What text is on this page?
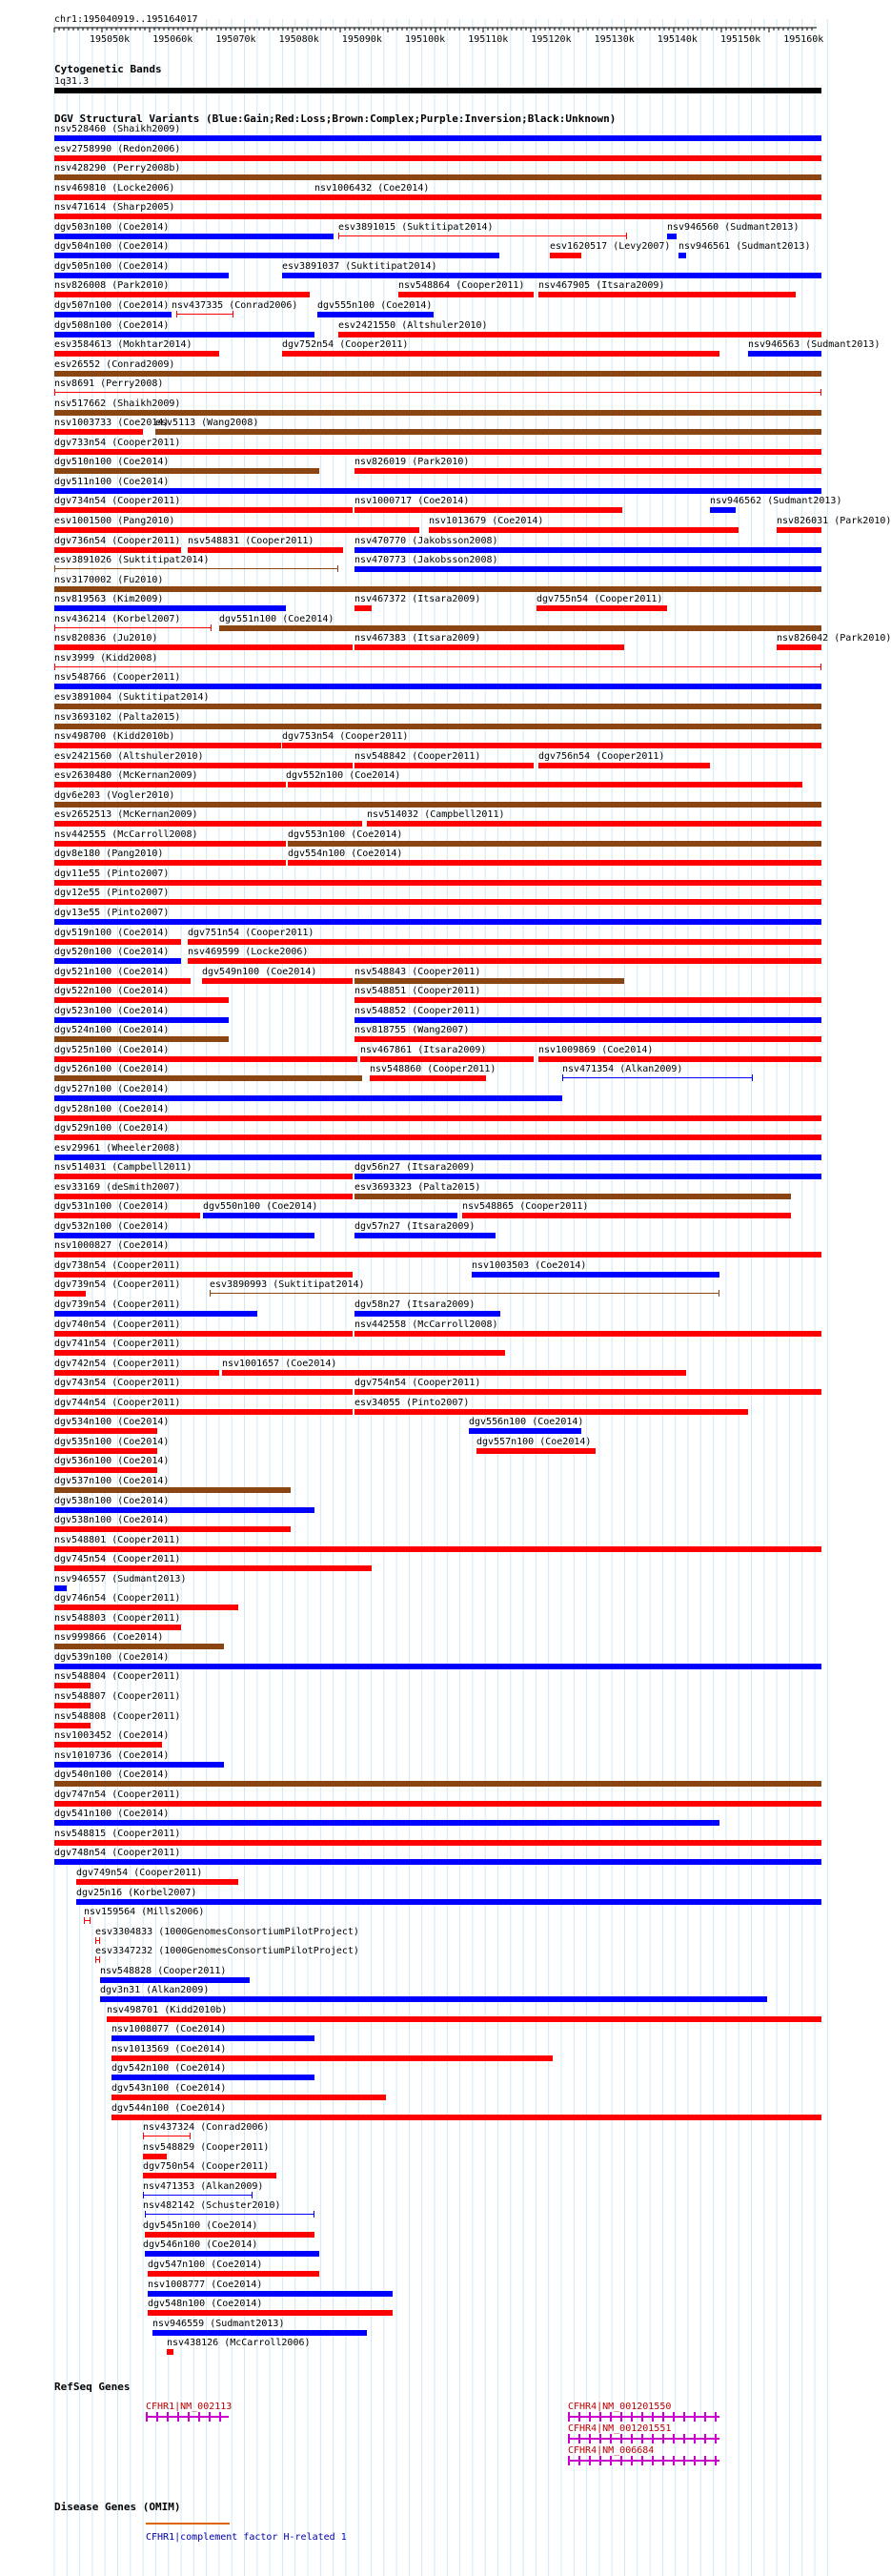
chr1:195040919..195164017
195050k 195060k 195070k 195080k 195090k 195100k 195110k 195120k 195130k 195140k 195150k 195160k
Cytogenetic Bands
1q31.3
DGV Structural Variants (Blue:Gain;Red:Loss;Brown:Complex;Purple:Inversion;Black:Unknown)
nsv528460 (Shaikh2009)
esv2758990 (Redon2006)
nsv428290 (Perry2008b)
nsv469810 (Locke2006)	nsv1006432 (Coe2014)
nsv471614 (Sharp2005)
dgv503n100 (Coe2014)	esv3891015 (Suktitipat2014)	nsv946560 (Sudmant2013)
dgv504n100 (Coe2014)	esv1620517 (Levy2007) nsv946561 (Sudmant2013)
dgv505n100 (Coe2014)	esv3891037 (Suktitipat2014)
nsv826008 (Park2010)	nsv548864 (Cooper2011) nsv467905 (Itsara2009)
dgv507n100 (Coe2014) nsv437335 (Conrad2006) dgv555n100 (Coe2014)
dgv508n100 (Coe2014)	esv2421550 (Altshuler2010)
esv3584613 (Mokhtar2014)	dgv752n54 (Cooper2011)	nsv946563 (Sudmant2013)
esv26552 (Conrad2009)
nsv8691 (Perry2008)
nsv517662 (Shaikh2009)
nsv1003733 (Coe2014)
esv5113 (Wang2008)
dgv733n54 (Cooper2011)
dgv510n100 (Coe2014)	nsv826019 (Park2010)
dgv511n100 (Coe2014)
dgv734n54 (Cooper2011)	nsv1000717 (Coe2014)	nsv946562 (Sudmant2013)
esv1001500 (Pang2010)	nsv1013679 (Coe2014)	nsv826031 (Park2010)
dgv736n54 (Cooper2011) nsv548831 (Cooper2011)	nsv470770 (Jakobsson2008)
esv3891026 (Suktitipat2014)	nsv470773 (Jakobsson2008)
nsv3170002 (Fu2010)
nsv819563 (Kim2009)	nsv467372 (Itsara2009)	dgv755n54 (Cooper2011)
nsv436214 (Korbel2007)	dgv551n100 (Coe2014)
nsv820836 (Ju2010)	nsv467383 (Itsara2009)	nsv826042 (Park2010)
nsv3999 (Kidd2008)
nsv548766 (Cooper2011)
esv3891004 (Suktitipat2014)
nsv3693102 (Palta2015)
nsv498700 (Kidd2010b)	dgv753n54 (Cooper2011)
esv2421560 (Altshuler2010)	nsv548842 (Cooper2011)	dgv756n54 (Cooper2011)
esv2630480 (McKernan2009)	dgv552n100 (Coe2014)
dgv6e203 (Vogler2010)
esv2652513 (McKernan2009)	nsv514032 (Campbell2011)
nsv442555 (McCarroll2008)	dgv553n100 (Coe2014)
dgv8e180 (Pang2010)	dgv554n100 (Coe2014)
dgv11e55 (Pinto2007)
dgv12e55 (Pinto2007)
dgv13e55 (Pinto2007)
dgv519n100 (Coe2014) dgv751n54 (Cooper2011)
dgv520n100 (Coe2014) nsv469599 (Locke2006)
dgv521n100 (Coe2014)	dgv549n100 (Coe2014)	nsv548843 (Cooper2011)
dgv522n100 (Coe2014)	nsv548851 (Cooper2011)
dgv523n100 (Coe2014)	nsv548852 (Cooper2011)
dgv524n100 (Coe2014)	nsv818755 (Wang2007)
dgv525n100 (Coe2014)	nsv467861 (Itsara2009)	nsv1009869 (Coe2014)
dgv526n100 (Coe2014)	nsv548860 (Cooper2011)	nsv471354 (Alkan2009)
dgv527n100 (Coe2014)
dgv528n100 (Coe2014)
dgv529n100 (Coe2014)
esv29961 (Wheeler2008)
nsv514031 (Campbell2011)	dgv56n27 (Itsara2009)
esv33169 (deSmith2007)	esv3693323 (Palta2015)
dgv531n100 (Coe2014)	dgv550n100 (Coe2014)	nsv548865 (Cooper2011)
dgv532n100 (Coe2014)	dgv57n27 (Itsara2009)
nsv1000827 (Coe2014)
dgv738n54 (Cooper2011)	nsv1003503 (Coe2014)
dgv739n54 (Cooper2011)	esv3890993 (Suktitipat2014)
dgv739n54 (Cooper2011)	dgv58n27 (Itsara2009)
dgv740n54 (Cooper2011)	nsv442558 (McCarroll2008)
dgv741n54 (Cooper2011)
dgv742n54 (Cooper2011)	nsv1001657 (Coe2014)
dgv743n54 (Cooper2011)	dgv754n54 (Cooper2011)
dgv744n54 (Cooper2011)	esv34055 (Pinto2007)
dgv534n100 (Coe2014)	dgv556n100 (Coe2014)
dgv535n100 (Coe2014)	dgv557n100 (Coe2014)
dgv536n100 (Coe2014)
dgv537n100 (Coe2014)
dgv538n100 (Coe2014)
dgv538n100 (Coe2014)
nsv548801 (Cooper2011)
dgv745n54 (Cooper2011)
nsv946557 (Sudmant2013)
dgv746n54 (Cooper2011)
nsv548803 (Cooper2011)
nsv999866 (Coe2014)
dgv539n100 (Coe2014)
nsv548804 (Cooper2011)
nsv548807 (Cooper2011)
nsv548808 (Cooper2011)
nsv1003452 (Coe2014)
nsv1010736 (Coe2014)
dgv540n100 (Coe2014)
dgv747n54 (Cooper2011)
dgv541n100 (Coe2014)
nsv548815 (Cooper2011)
dgv748n54 (Cooper2011)
dgv749n54 (Cooper2011)
dgv25n16 (Korbel2007)
nsv159564 (Mills2006)
esv3304833 (1000GenomesConsortiumPilotProject)
esv3347232 (1000GenomesConsortiumPilotProject)
nsv548828 (Cooper2011)
dgv3n31 (Alkan2009)
nsv498701 (Kidd2010b)
nsv1008077 (Coe2014)
nsv1013569 (Coe2014)
dgv542n100 (Coe2014)
dgv543n100 (Coe2014)
dgv544n100 (Coe2014)
nsv437324 (Conrad2006)
nsv548829 (Cooper2011)
dgv750n54 (Cooper2011)
nsv471353 (Alkan2009)
nsv482142 (Schuster2010)
dgv545n100 (Coe2014)
dgv546n100 (Coe2014)
dgv547n100 (Coe2014)
nsv1008777 (Coe2014)
dgv548n100 (Coe2014)
nsv946559 (Sudmant2013)
nsv438126 (McCarroll2006)
RefSeq Genes
CFHR1|NM_002113	CFHR4|NM_001201550
CFHR4|NM_001201551
CFHR4|NM_006684
Disease Genes (OMIM)
CFHR1|complement factor H-related 1
